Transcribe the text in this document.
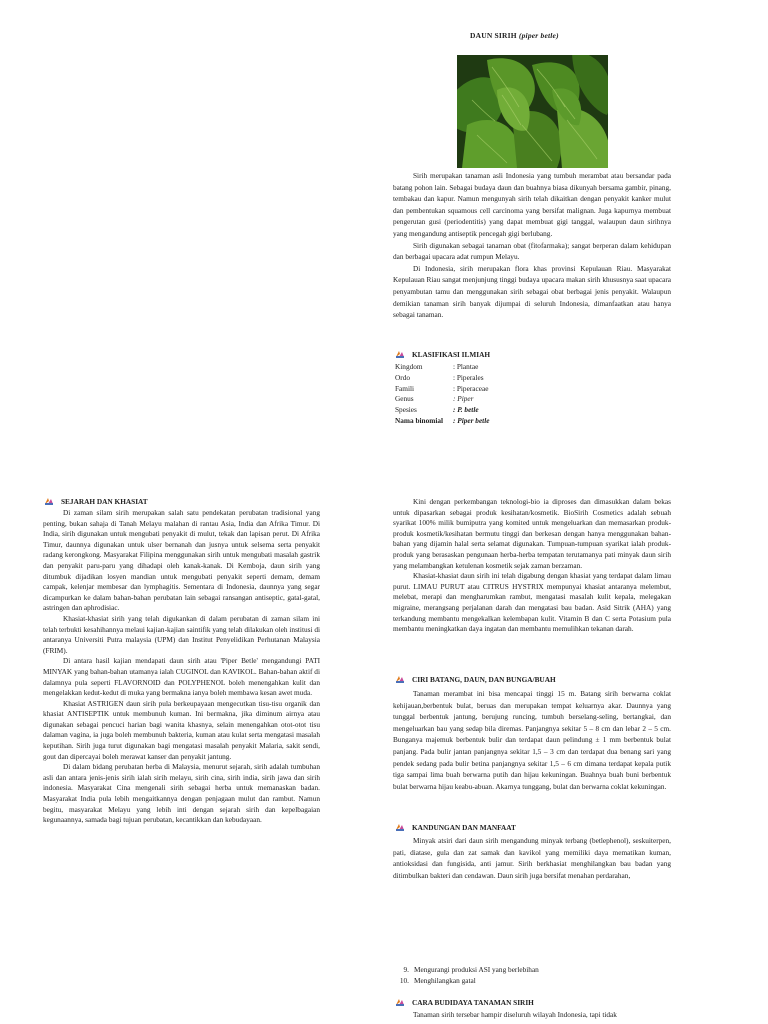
DAUN SIRIH (piper betle)

Sirih merupakan tanaman asli Indonesia yang tumbuh merambat atau bersandar pada batang pohon lain. Sebagai budaya daun dan buahnya biasa dikunyah bersama gambir, pinang, tembakau dan kapur. Namun mengunyah sirih telah dikaitkan dengan penyakit kanker mulut dan pembentukan squamous cell carcinoma yang bersifat malignan. Juga kapurnya membuat pengerutan gusi (periodentitis) yang dapat membuat gigi tanggal, walaupun daun sirihnya yang mengandung antiseptik pencegah gigi berlubang.

Sirih digunakan sebagai tanaman obat (fitofarmaka); sangat berperan dalam kehidupan dan berbagai upacara adat rumpun Melayu.

Di Indonesia, sirih merupakan flora khas provinsi Kepulauan Riau. Masyarakat Kepulauan Riau sangat menjunjung tinggi budaya upacara makan sirih khususnya saat upacara penyambutan tamu dan menggunakan sirih sebagai obat berbagai jenis penyakit. Walaupun demikian tanaman sirih banyak dijumpai di seluruh Indonesia, dimanfaatkan atau hanya sebagai tanaman.

KLASIFIKASI ILMIAH
Kingdom	: Plantae
Ordo	: Piperales
Famili	: Piperaceae
Genus	: Piper
Spesies	: P. betle
Nama binomial	: Piper betle
SEJARAH DAN KHASIAT

Di zaman silam sirih merupakan salah satu pendekatan perubatan tradisional yang penting, bukan sahaja di Tanah Melayu malahan di rantau Asia, India dan Afrika Timur. Di India, sirih digunakan untuk mengubati penyakit di mulut, tekak dan lapisan perut. Di Afrika Timur, daunnya digunakan untuk ulser bernanah dan jusnya untuk selsema serta penyakit radang kerongkong. Masyarakat Filipina menggunakan sirih untuk mengubati masalah gastrik dan penyakit paru-paru yang dihadapi oleh kanak-kanak. Di Kemboja, daun sirih yang ditumbuk dijadikan losyen mandian untuk mengubati penyakit seperti demam, demam campak, kelenjar membesar dan lymphagitis. Sementara di Indonesia, daunnya yang segar dicampurkan ke dalam bahan-bahan perubatan lain sebagai ransangan antiseptic, gatal-gatal, astringen dan aphrodisiac.

Khasiat-khasiat sirih yang telah digukankan di dalam perubatan di zaman silam ini telah terbukti kesahihannya melaui kajian-kajian saintifik yang telah dilakukan oleh institusi di antaranya Universiti Putra malaysia (UPM) dan Institut Penyelidikan Perhutanan Malaysia (FRIM).

Di antara hasil kajian mendapati daun sirih atau 'Piper Betle' mengandungi PATI MINYAK yang bahan-bahan utamanya ialah CUGINOL dan KAVIKOL. Bahan-bahan aktif di dalamnya pula seperti FLAVORNOID dan POLYPHENOL boleh menengahkan kulit dan mengelakkan kedut-kedut di muka yang bermakna ianya boleh membawa kesan awet muda.

Khasiat ASTRIGEN daun sirih pula berkeupayaan mengecutkan tisu-tisu organik dan khasiat ANTISEPTIK untuk membunuh kuman. Ini bermakna, jika diminum airnya atau digunakan sebagai pencuci harian bagi wanita khasnya, selain menengahkan otot-otot tisu dalaman vagina, ia juga boleh membunuh bakteria, kuman atau kulat serta mengatasi masalah keputihan. Sirih juga turut digunakan bagi mengatasi masalah penyakit Malaria, sakit sendi, gout dan dipercayai boleh merawat kanser dan penyakit jantung.

Di dalam bidang perubatan herba di Malaysia, menurut sejarah, sirih adalah tumbuhan asli dan antara jenis-jenis sirih ialah sirih melayu, sirih cina, sirih india, sirih jawa dan sirih indonesia. Masyarakat Cina mengenali sirih sebagai herba untuk memanaskan badan. Masyarakat India pula lebih mengaitkannya dengan penjagaan mulut dan rambut. Namun begitu, masyarakat Melayu yang lebih inti dengan sejarah sirih dan kepelbagaian kegunaannya, samada bagi tujuan perubatan, kecantikkan dan kebudayaan.

Kini dengan perkembangan teknologi-bio ia diproses dan dimasukkan dalam bekas untuk dipasarkan sebagai produk kesihatan/kosmetik. BioSirih Cosmetics adalah sebuah syarikat 100% milik bumiputra yang komited untuk mengeluarkan dan memasarkan produk-produk kosmetik/kesihatan bermutu tinggi dan berkesan dengan hanya menggunakan bahan-bahan yang dijamin halal serta selamat digunakan. Tumpuan-tumpuan syarikat ialah produk-produk yang berasaskan pengunaan herba-herba tempatan terutamanya pati minyak daun sirih yang melambangkan ketulenan kosmetik sejak zaman berzaman.

Khasiat-khasiat daun sirih ini telah digabung dengan khasiat yang terdapat dalam limau purut. LIMAU PURUT atau CITRUS HYSTRIX mempunyai khasiat antaranya melembut, melebat, merapi dan mengharumkan rambut, mengatasi masalah kulit kepala, melegakan migraine, merangsang perjalanan darah dan mengatasi bau badan. Asid Sitrik (AHA) yang terkandung membantu mengekalkan kelembapan kulit. Vitamin B dan C serta Potasium pula membantu meningkatkan daya ingatan dan membantu memulihkan tekanan darah.

CIRI BATANG, DAUN, DAN BUNGA/BUAH

Tanaman merambat ini bisa mencapai tinggi 15 m. Batang sirih berwarna coklat kehijauan,berbentuk bulat, beruas dan merupakan tempat keluarnya akar. Daunnya yang tunggal berbentuk jantung, berujung runcing, tumbuh berselang-seling, bertangkai, dan mengeluarkan bau yang sedap bila diremas. Panjangnya sekitar 5 – 8 cm dan lebar 2 – 5 cm. Bunganya majemuk berbentuk bulir dan terdapat daun pelindung ± 1 mm berbentuk bulat panjang. Pada bulir jantan panjangnya sekitar 1,5 – 3 cm dan terdapat dua benang sari yang pendek sedang pada bulir betina panjangnya sekitar 1,5 – 6 cm dimana terdapat kepala putik tiga sampai lima buah berwarna putih dan hijau kekuningan. Buahnya buah buni berbentuk bulat berwarna hijau keabu-abuan. Akarnya tunggang, bulat dan berwarna coklat kekuningan.

KANDUNGAN DAN MANFAAT

Minyak atsiri dari daun sirih mengandung minyak terbang (betlephenol), seskuiterpen, pati, diatase, gula dan zat samak dan kavikol yang memiliki daya mematikan kuman, antioksidasi dan fungisida, anti jamur. Sirih berkhasiat menghilangkan bau badan yang ditimbulkan bakteri dan cendawan. Daun sirih juga bersifat menahan perdarahan,

9. Mengurangi produksi ASI yang berlebihan
10. Menghilangkan gatal
CARA BUDIDAYA TANAMAN SIRIH

Tanaman sirih tersebar hampir diseluruh wilayah Indonesia, tapi tidak
